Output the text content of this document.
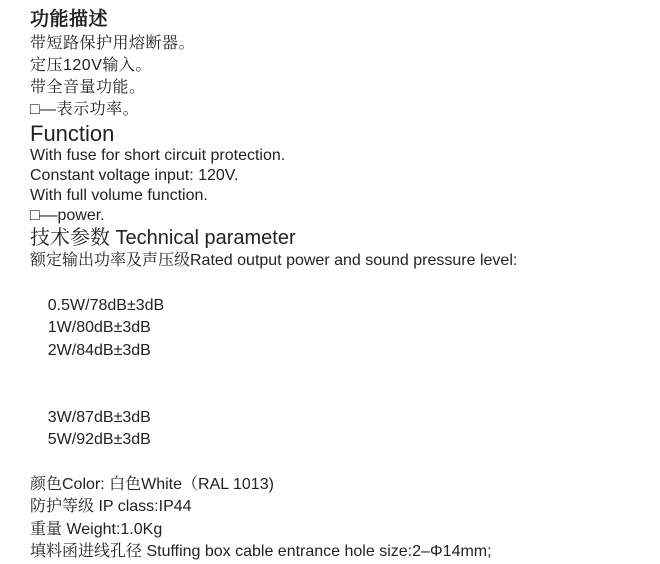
功能描述

带短路保护用熔断器。

定压120V输入。

带全音量功能。

□—表示功率。

Function

With fuse for short circuit protection.

Constant voltage input: 120V.

With full volume function.

□––power.

技术参数 Technical parameter

额定输出功率及声压级Rated output power and sound pressure level:

0.5W/78dB±3dB
1W/80dB±3dB
2W/84dB±3dB

3W/87dB±3dB
5W/92dB±3dB

颜色Color: 白色White（RAL 1013)

防护等级 IP class:IP44

重量 Weight:1.0Kg

填料函进线孔径 Stuffing box cable entrance hole size:2–Φ14mm;
